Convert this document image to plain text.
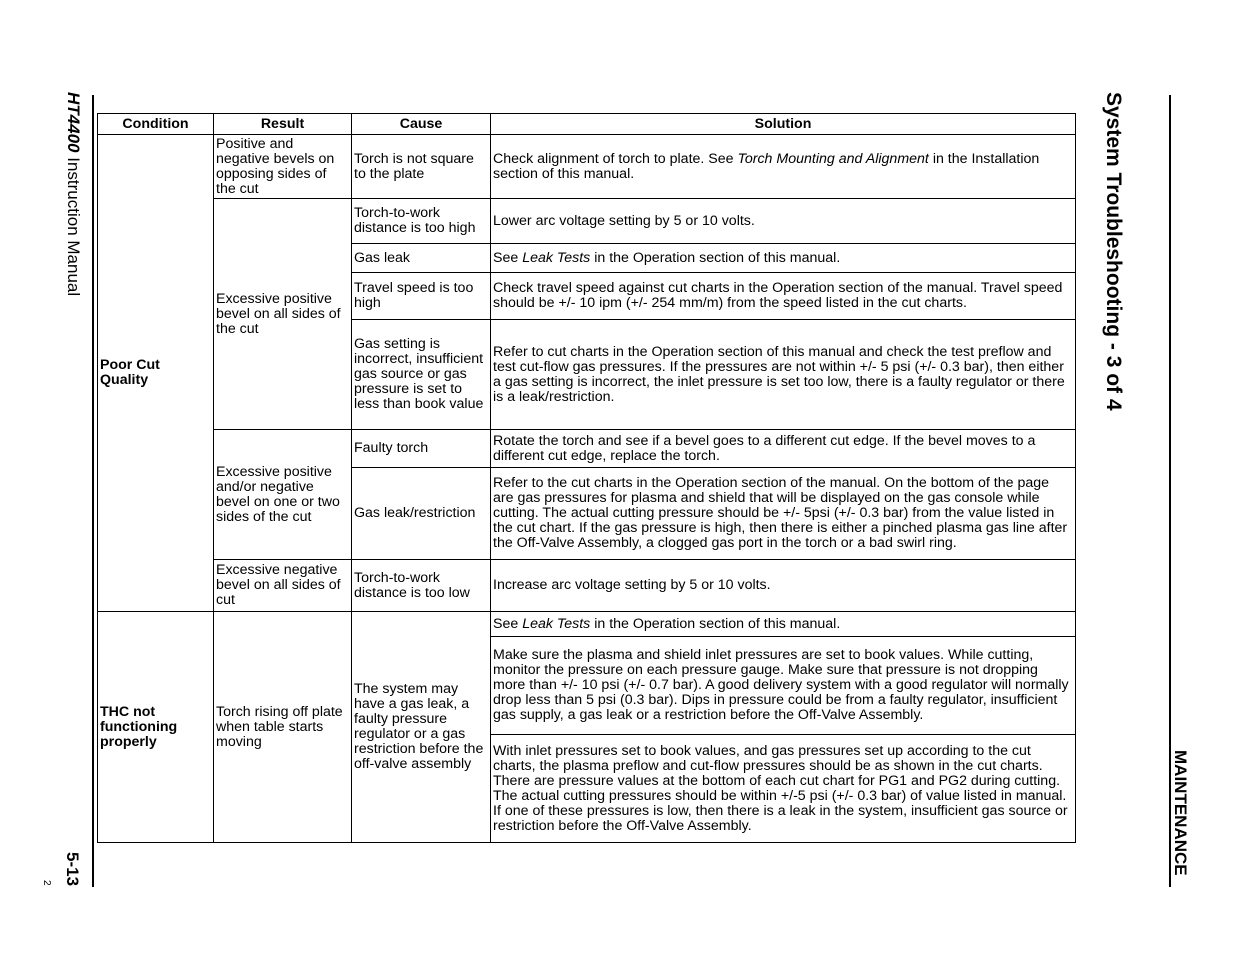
HT4400 Instruction Manual
5-13
2
System Troubleshooting - 3 of 4
MAINTENANCE
Condition	Result	Cause	Solution
Poor Cut Quality	Positive and negative bevels on opposing sides of the cut	Torch is not square to the plate	Check alignment of torch to plate. See Torch Mounting and Alignment in the Installation section of this manual.
	Excessive positive bevel on all sides of the cut	Torch-to-work distance is too high	Lower arc voltage setting by 5 or 10 volts.
		Gas leak	See Leak Tests in the Operation section of this manual.
		Travel speed is too high	Check travel speed against cut charts in the Operation section of the manual. Travel speed should be +/- 10 ipm (+/- 254 mm/m) from the speed listed in the cut charts.
		Gas setting is incorrect, insufficient gas source or gas pressure is set to less than book value	Refer to cut charts in the Operation section of this manual and check the test preflow and test cut-flow gas pressures. If the pressures are not within +/- 5 psi (+/- 0.3 bar), then either a gas setting is incorrect, the inlet pressure is set too low, there is a faulty regulator or there is a leak/restriction.
	Excessive positive and/or negative bevel on one or two sides of the cut	Faulty torch	Rotate the torch and see if a bevel goes to a different cut edge. If the bevel moves to a different cut edge, replace the torch.
		Gas leak/restriction	Refer to the cut charts in the Operation section of the manual. On the bottom of the page are gas pressures for plasma and shield that will be displayed on the gas console while cutting. The actual cutting pressure should be +/- 5psi (+/- 0.3 bar) from the value listed in the cut chart. If the gas pressure is high, then there is either a pinched plasma gas line after the Off-Valve Assembly, a clogged gas port in the torch or a bad swirl ring.
	Excessive negative bevel on all sides of cut	Torch-to-work distance is too low	Increase arc voltage setting by 5 or 10 volts.
THC not functioning properly	Torch rising off plate when table starts moving	The system may have a gas leak, a faulty pressure regulator or a gas restriction before the off-valve assembly	See Leak Tests in the Operation section of this manual.
			Make sure the plasma and shield inlet pressures are set to book values. While cutting, monitor the pressure on each pressure gauge. Make sure that pressure is not dropping more than +/- 10 psi (+/- 0.7 bar). A good delivery system with a good regulator will normally drop less than 5 psi (0.3 bar). Dips in pressure could be from a faulty regulator, insufficient gas supply, a gas leak or a restriction before the Off-Valve Assembly.
			With inlet pressures set to book values, and gas pressures set up according to the cut charts, the plasma preflow and cut-flow pressures should be as shown in the cut charts. There are pressure values at the bottom of each cut chart for PG1 and PG2 during cutting. The actual cutting pressures should be within +/-5 psi (+/- 0.3 bar) of value listed in manual. If one of these pressures is low, then there is a leak in the system, insufficient gas source or restriction before the Off-Valve Assembly.
